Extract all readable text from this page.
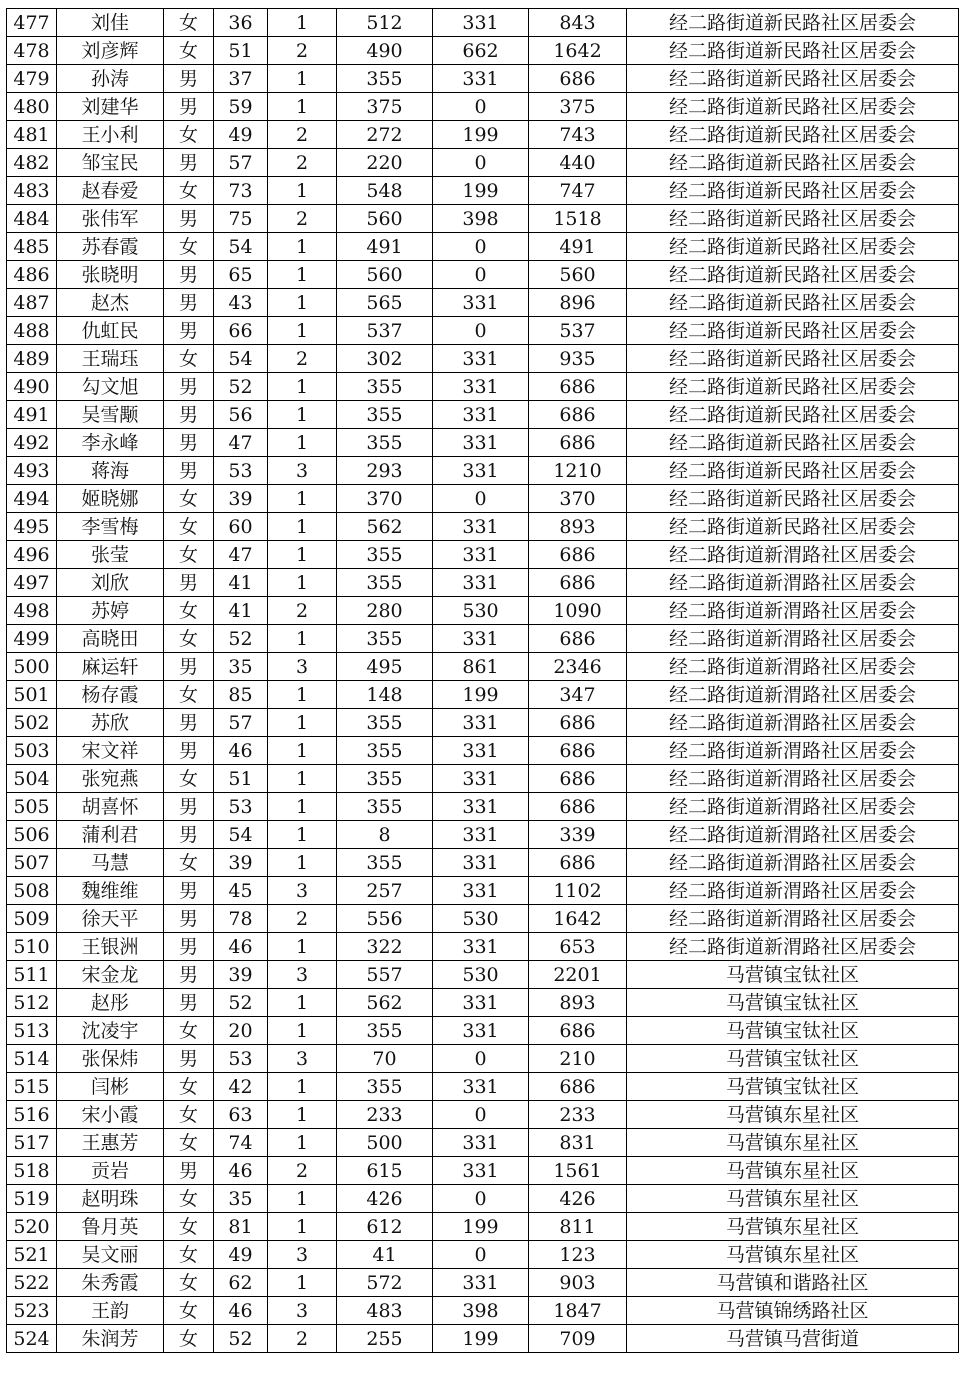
477	刘佳	女	36	1	512	331	843	经二路街道新民路社区居委会
478	刘彦辉	女	51	2	490	662	1642	经二路街道新民路社区居委会
479	孙涛	男	37	1	355	331	686	经二路街道新民路社区居委会
480	刘建华	男	59	1	375	0	375	经二路街道新民路社区居委会
481	王小利	女	49	2	272	199	743	经二路街道新民路社区居委会
482	邹宝民	男	57	2	220	0	440	经二路街道新民路社区居委会
483	赵春爱	女	73	1	548	199	747	经二路街道新民路社区居委会
484	张伟军	男	75	2	560	398	1518	经二路街道新民路社区居委会
485	苏春霞	女	54	1	491	0	491	经二路街道新民路社区居委会
486	张晓明	男	65	1	560	0	560	经二路街道新民路社区居委会
487	赵杰	男	43	1	565	331	896	经二路街道新民路社区居委会
488	仇虹民	男	66	1	537	0	537	经二路街道新民路社区居委会
489	王瑞珏	女	54	2	302	331	935	经二路街道新民路社区居委会
490	勾文旭	男	52	1	355	331	686	经二路街道新民路社区居委会
491	吴雪颙	男	56	1	355	331	686	经二路街道新民路社区居委会
492	李永峰	男	47	1	355	331	686	经二路街道新民路社区居委会
493	蒋海	男	53	3	293	331	1210	经二路街道新民路社区居委会
494	姬晓娜	女	39	1	370	0	370	经二路街道新民路社区居委会
495	李雪梅	女	60	1	562	331	893	经二路街道新民路社区居委会
496	张莹	女	47	1	355	331	686	经二路街道新渭路社区居委会
497	刘欣	男	41	1	355	331	686	经二路街道新渭路社区居委会
498	苏婷	女	41	2	280	530	1090	经二路街道新渭路社区居委会
499	高晓田	女	52	1	355	331	686	经二路街道新渭路社区居委会
500	麻运轩	男	35	3	495	861	2346	经二路街道新渭路社区居委会
501	杨存霞	女	85	1	148	199	347	经二路街道新渭路社区居委会
502	苏欣	男	57	1	355	331	686	经二路街道新渭路社区居委会
503	宋文祥	男	46	1	355	331	686	经二路街道新渭路社区居委会
504	张宛燕	女	51	1	355	331	686	经二路街道新渭路社区居委会
505	胡喜怀	男	53	1	355	331	686	经二路街道新渭路社区居委会
506	蒲利君	男	54	1	8	331	339	经二路街道新渭路社区居委会
507	马慧	女	39	1	355	331	686	经二路街道新渭路社区居委会
508	魏维维	男	45	3	257	331	1102	经二路街道新渭路社区居委会
509	徐天平	男	78	2	556	530	1642	经二路街道新渭路社区居委会
510	王银洲	男	46	1	322	331	653	经二路街道新渭路社区居委会
511	宋金龙	男	39	3	557	530	2201	马营镇宝钛社区
512	赵彤	男	52	1	562	331	893	马营镇宝钛社区
513	沈凌宇	女	20	1	355	331	686	马营镇宝钛社区
514	张保炜	男	53	3	70	0	210	马营镇宝钛社区
515	闫彬	女	42	1	355	331	686	马营镇宝钛社区
516	宋小霞	女	63	1	233	0	233	马营镇东星社区
517	王惠芳	女	74	1	500	331	831	马营镇东星社区
518	贡岩	男	46	2	615	331	1561	马营镇东星社区
519	赵明珠	女	35	1	426	0	426	马营镇东星社区
520	鲁月英	女	81	1	612	199	811	马营镇东星社区
521	吴文丽	女	49	3	41	0	123	马营镇东星社区
522	朱秀霞	女	62	1	572	331	903	马营镇和谐路社区
523	王韵	女	46	3	483	398	1847	马营镇锦绣路社区
524	朱润芳	女	52	2	255	199	709	马营镇马营街道
